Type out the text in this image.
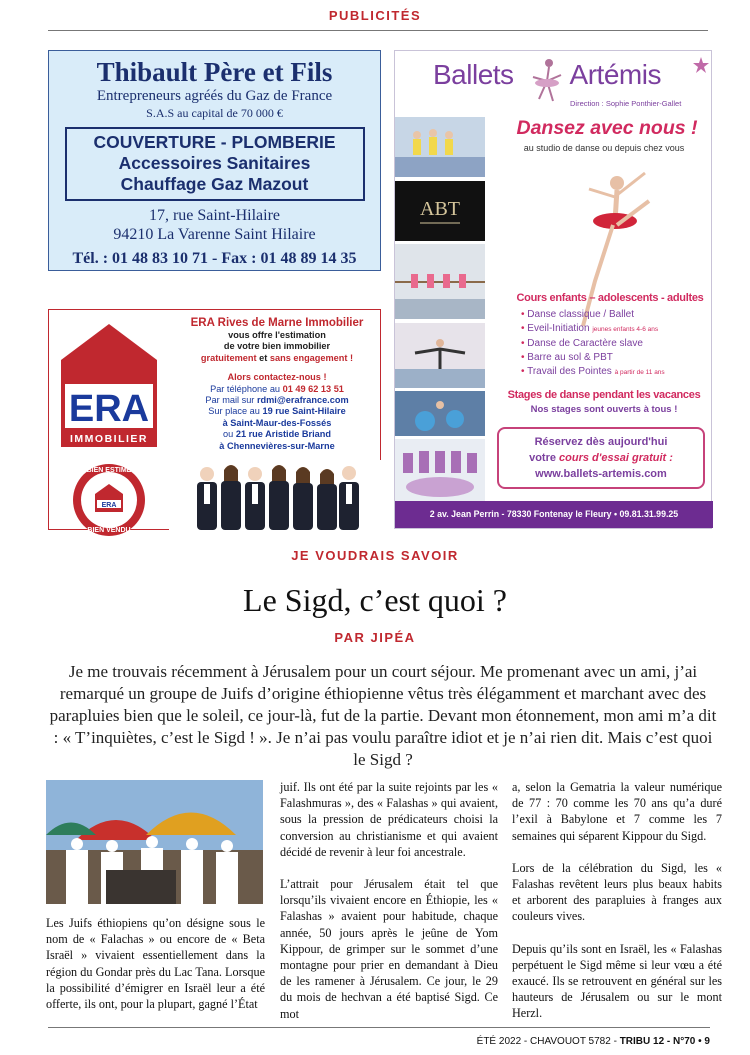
PUBLICITÉS
Thibault Père et Fils
Entrepreneurs agréés du Gaz de France
S.A.S au capital de 70 000 €
COUVERTURE - PLOMBERIE
Accessoires Sanitaires
Chauffage Gaz Mazout
17, rue Saint-Hilaire
94210 La Varenne Saint Hilaire
Tél. : 01 48 83 10 71 - Fax : 01 48 89 14 35
ERA
IMMOBILIER
ERA
BIEN ESTIMÉ
BIEN VENDU
ERA Rives de Marne Immobilier
vous offre l'estimation
de votre bien immobilier
gratuitement et sans engagement !
Alors contactez-nous !
Par téléphone au 01 49 62 13 51
Par mail sur rdmi@erafrance.com
Sur place au 19 rue Saint-Hilaire
à Saint-Maur-des-Fossés
ou 21 rue Aristide Briand
à Chennevières-sur-Marne
Ballets Artémis
Direction : Sophie Ponthier-Gallet
Dansez avec nous !
au studio de danse ou depuis chez vous
ABT
Cours enfants – adolescents - adultes
• Danse classique / Ballet
• Eveil-Initiation jeunes enfants 4-6 ans
• Danse de Caractère slave
• Barre au sol & PBT
• Travail des Pointes à partir de 11 ans
Stages de danse pendant les vacances
Nos stages sont ouverts à tous !
Réservez dès aujourd'hui
votre cours d'essai gratuit :
www.ballets-artemis.com
2 av. Jean Perrin - 78330 Fontenay le Fleury • 09.81.31.99.25
JE VOUDRAIS SAVOIR
Le Sigd, c’est quoi ?
PAR JIPÉA
Je me trouvais récemment à Jérusalem pour un court séjour. Me promenant avec un ami, j’ai remarqué un groupe de Juifs d’origine éthiopienne vêtus très élégamment et marchant avec des parapluies bien que le soleil, ce jour-là, fut de la partie. Devant mon étonnement, mon ami m’a dit : « T’inquiètes, c’est le Sigd ! ». Je n’ai pas voulu paraître idiot et je n’ai rien dit. Mais c’est quoi le Sigd ?

Les Juifs éthiopiens qu’on désigne sous le nom de « Falachas » ou encore de « Beta Israël » vivaient essentiellement dans la région du Gondar près du Lac Tana. Lorsque la possibilité d’émigrer en Israël leur a été offerte, ils ont, pour la plupart, gagné l’État

juif. Ils ont été par la suite rejoints par les « Falashmuras », des « Falashas » qui avaient, sous la pression de prédicateurs choisi la conversion au christianisme et qui avaient décidé de revenir à leur foi ancestrale.

L’attrait pour Jérusalem était tel que lorsqu’ils vivaient encore en Éthiopie, les « Falashas » avaient pour habitude, chaque année, 50 jours après le jeûne de Yom Kippour, de grimper sur le sommet d’une montagne pour prier en demandant à Dieu de les ramener à Jérusalem. Ce jour, le 29 du mois de hechvan a été baptisé Sigd. Ce mot

a, selon la Gematria la valeur numérique de 77 : 70 comme les 70 ans qu’a duré l’exil à Babylone et 7 comme les 7 semaines qui séparent Kippour du Sigd.

Lors de la célébration du Sigd, les « Falashas revêtent leurs plus beaux habits et arborent des parapluies à franges aux couleurs vives.

Depuis qu’ils sont en Israël, les « Falashas perpétuent le Sigd même si leur vœu a été exaucé. Ils se retrouvent en général sur les hauteurs de Jérusalem ou sur le mont Herzl.

ÉTÉ 2022 - CHAVOUOT 5782 - TRIBU 12 - N°70 • 9
